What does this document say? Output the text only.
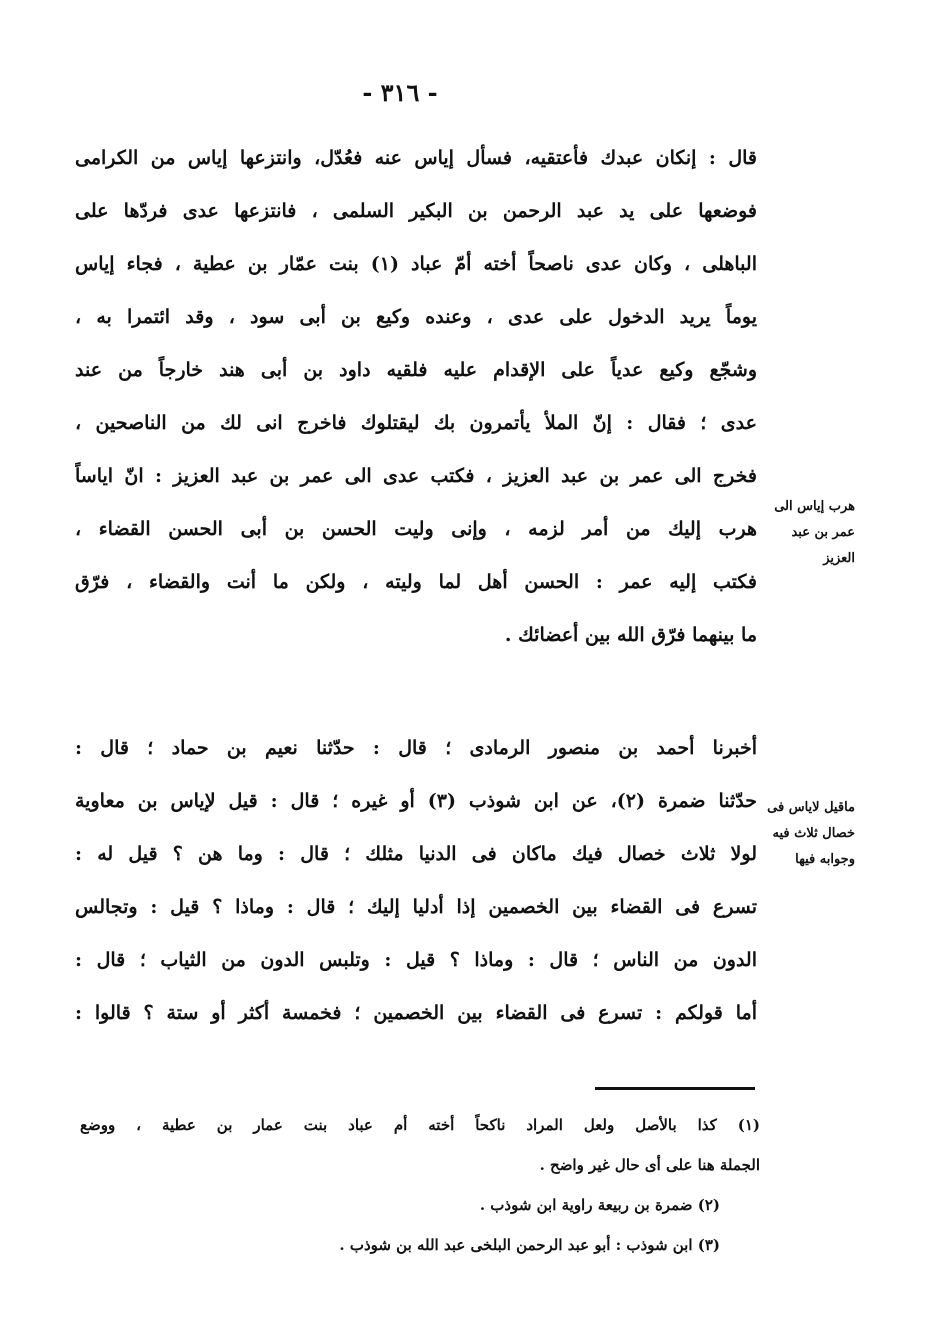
- ٣١٦ -
قال : إنكان عبدك فأعتقيه، فسأل إياس عنه فعُدّل، وانتزعها إياس من الكرامى
فوضعها على يد عبد الرحمن بن البكير السلمى ، فانتزعها عدى فردّها على
الباهلى ، وكان عدى ناصحاً أخته أمّ عباد (١) بنت عمّار بن عطية ، فجاء إياس
يوماً يريد الدخول على عدى ، وعنده وكيع بن أبى سود ، وقد ائتمرا به ،
وشجّع وكيع عدياً على الإقدام عليه فلقيه داود بن أبى هند خارجاً من عند
عدى ؛ فقال : إنّ الملأ يأتمرون بك ليقتلوك فاخرج انى لك من الناصحين ،
فخرج الى عمر بن عبد العزيز ، فكتب عدى الى عمر بن عبد العزيز : انّ اياساً
هرب إليك من أمر لزمه ، وإنى وليت الحسن بن أبى الحسن القضاء ،
فكتب إليه عمر : الحسن أهل لما وليته ، ولكن ما أنت والقضاء ، فرّق
ما بينهما فرّق الله بين أعضائك .
هرب إياس الى
عمر بن عبد العزيز
أخبرنا أحمد بن منصور الرمادى ؛ قال : حدّثنا نعيم بن حماد ؛ قال :
حدّثنا ضمرة (٢)، عن ابن شوذب (٣) أو غيره ؛ قال : قيل لإياس بن معاوية
لولا ثلاث خصال فيك ماكان فى الدنيا مثلك ؛ قال : وما هن ؟ قيل له :
تسرع فى القضاء بين الخصمين إذا أدليا إليك ؛ قال : وماذا ؟ قيل : وتجالس
الدون من الناس ؛ قال : وماذا ؟ قيل : وتلبس الدون من الثياب ؛ قال :
أما قولكم : تسرع فى القضاء بين الخصمين ؛ فخمسة أكثر أو ستة ؟ قالوا :
ماقيل لاياس فى
خصال ثلاث فيه
وجوابه فيها
(١) كذا بالأصل ولعل المراد ناكحاً أخته أم عباد بنت عمار بن عطية ، ووضع
الجملة هنا على أى حال غير واضح .
(٢) ضمرة بن ربيعة راوية ابن شوذب .
(٣) ابن شوذب : أبو عبد الرحمن البلخى عبد الله بن شوذب .
